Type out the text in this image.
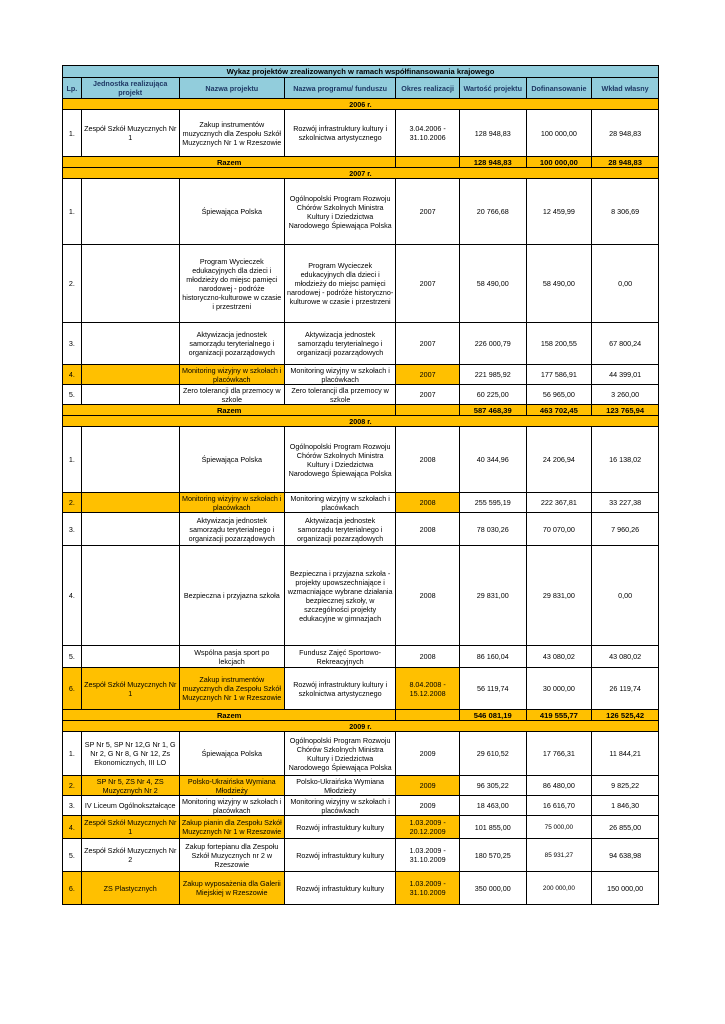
Wykaz projektów zrealizowanych w ramach współfinansowania krajowego							
Lp.	Jednostka realizująca projekt	Nazwa projektu	Nazwa programu/ funduszu	Okres realizacji	Wartość projektu	Dofinansowanie	Wkład własny
2006 r.							
1.	Zespół Szkół Muzycznych Nr 1	Zakup instrumentów muzycznych dla Zespołu Szkół Muzycznych Nr 1 w Rzeszowie	Rozwój infrastruktury kultury i szkolnictwa artystycznego	3.04.2006 - 31.10.2006	128 948,83	100 000,00	28 948,83
Razem					128 948,83	100 000,00	28 948,83
2007 r.							
1.		Śpiewająca Polska	Ogólnopolski Program Rozwoju Chórów Szkolnych Ministra Kultury i Dziedzictwa Narodowego Śpiewająca Polska	2007	20 766,68	12 459,99	8 306,69
2.		Program Wycieczek edukacyjnych dla dzieci i młodzieży do miejsc pamięci narodowej - podróże historyczno-kulturowe w czasie i przestrzeni	Program Wycieczek edukacyjnych dla dzieci i młodzieży do miejsc pamięci narodowej - podróże historyczno-kulturowe w czasie i przestrzeni	2007	58 490,00	58 490,00	0,00
3.		Aktywizacja jednostek samorządu teryterialnego i organizacji pozarządowych	Aktywizacja jednostek samorządu teryterialnego i organizacji pozarządowych	2007	226 000,79	158 200,55	67 800,24
4.		Monitoring wizyjny w szkołach i placówkach	Monitoring wizyjny w szkołach i placówkach	2007	221 985,92	177 586,91	44 399,01
5.		Zero tolerancji dla przemocy w szkole	Zero tolerancji dla przemocy w szkole	2007	60 225,00	56 965,00	3 260,00
Razem					587 468,39	463 702,45	123 765,94
2008 r.							
1.		Śpiewająca Polska	Ogólnopolski Program Rozwoju Chórów Szkolnych Ministra Kultury i Dziedzictwa Narodowego Śpiewająca Polska	2008	40 344,96	24 206,94	16 138,02
2.		Monitoring wizyjny w szkołach i placówkach	Monitoring wizyjny w szkołach i placówkach	2008	255 595,19	222 367,81	33 227,38
3.		Aktywizacja jednostek samorządu teryterialnego i organizacji pozarządowych	Aktywizacja jednostek samorządu teryterialnego i organizacji pozarządowych	2008	78 030,26	70 070,00	7 960,26
4.		Bezpieczna i przyjazna szkoła	Bezpieczna i przyjazna szkoła - projekty upowszechniające i wzmacniające wybrane działania bezpiecznej szkoły, w szczególności projekty edukacyjne w gimnazjach	2008	29 831,00	29 831,00	0,00
5.		Wspólna pasja sport po lekcjach	Fundusz Zajęć Sportowo-Rekreacyjnych	2008	86 160,04	43 080,02	43 080,02
6.	Zespół Szkół Muzycznych Nr 1	Zakup instrumentów muzycznych dla Zespołu Szkół Muzycznych Nr 1 w Rzeszowie	Rozwój infrastruktury kultury i szkolnictwa artystycznego	8.04.2008 - 15.12.2008	56 119,74	30 000,00	26 119,74
Razem					546 081,19	419 555,77	126 525,42
2009 r.							
1.	SP Nr 5, SP Nr 12,G Nr 1, G Nr 2, G Nr 8, G Nr 12, Zs Ekonomicznych, III LO	Śpiewająca Polska	Ogólnopolski Program Rozwoju Chórów Szkolnych Ministra Kultury i Dziedzictwa Narodowego Śpiewająca Polska	2009	29 610,52	17 766,31	11 844,21
2.	SP Nr 5, ZS Nr 4, ZS Muzycznych Nr 2	Polsko-Ukraińska Wymiana Młodzieży	Polsko-Ukraińska Wymiana Młodzieży	2009	96 305,22	86 480,00	9 825,22
3.	IV Liceum Ogólnokształcące	Monitoring wizyjny w szkołach i placówkach	Monitoring wizyjny w szkołach i placówkach	2009	18 463,00	16 616,70	1 846,30
4.	Zespół Szkół Muzycznych Nr 1	Zakup pianin dla Zespołu Szkół Muzycznych Nr 1 w Rzeszowie	Rozwój infrastuktury kultury	1.03.2009 - 20.12.2009	101 855,00	75 000,00	26 855,00
5.	Zespół Szkół Muzycznych Nr 2	Zakup fortepianu dla Zespołu Szkół Muzycznych nr 2 w Rzeszowie	Rozwój infrastuktury kultury	1.03.2009 - 31.10.2009	180 570,25	85 931,27	94 638,98
6.	ZS Plastycznych	Zakup wyposażenia dla Galerii Miejskiej w Rzeszowie	Rozwój infrastuktury kultury	1.03.2009 - 31.10.2009	350 000,00	200 000,00	150 000,00
